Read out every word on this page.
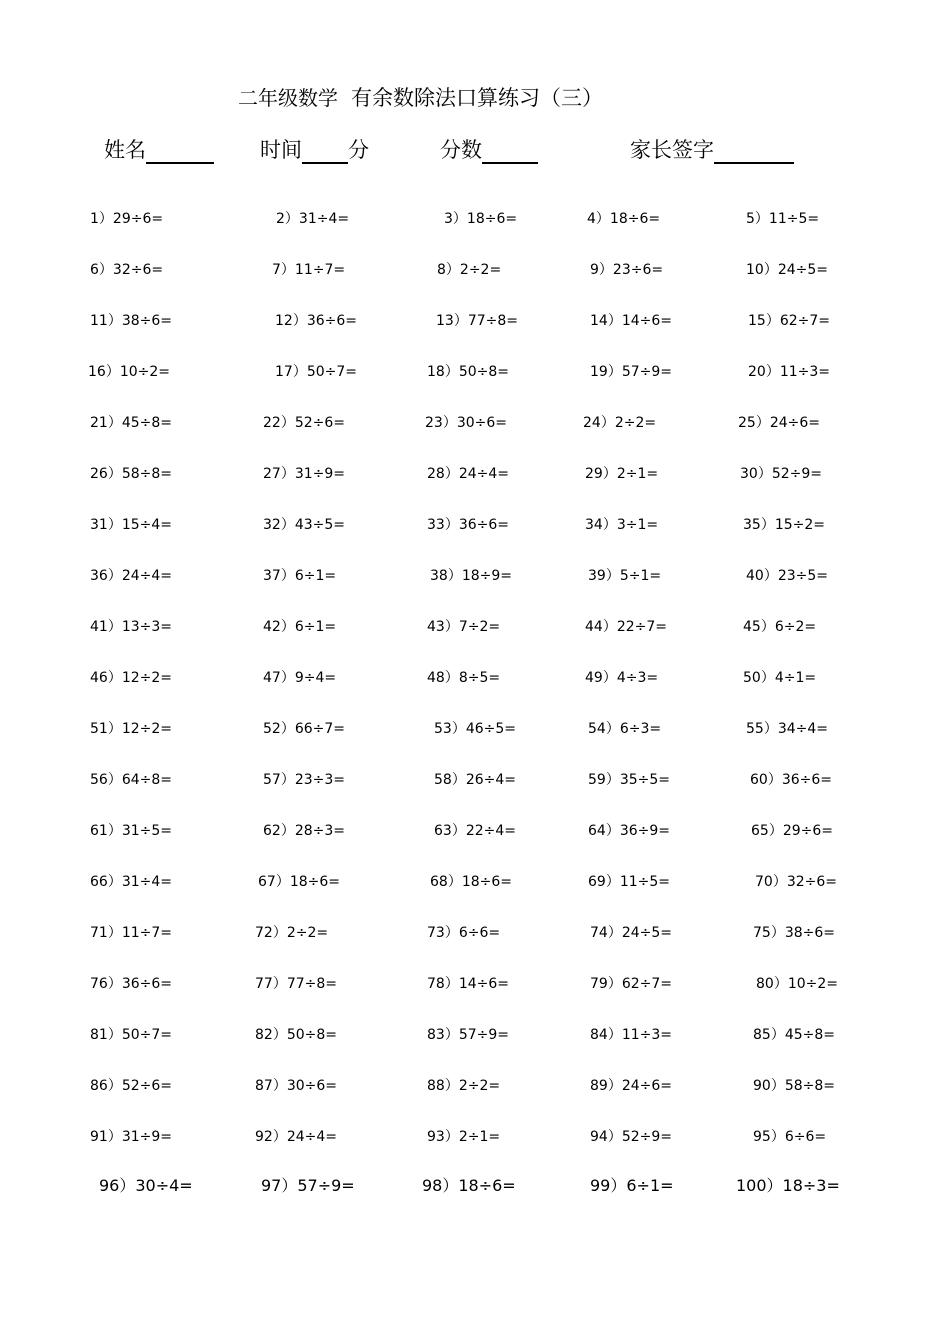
二年级数学 有余数除法口算练习（三）
姓名	时间 分	分数	家长签字
1）29÷6=	2）31÷4=	3）18÷6=	4）18÷6=	5）11÷5=
6）32÷6=	7）11÷7=	8）2÷2=	9）23÷6=	10）24÷5=
11）38÷6=	12）36÷6=	13）77÷8=	14）14÷6=	15）62÷7=
16）10÷2=	17）50÷7=	18）50÷8=	19）57÷9=	20）11÷3=
21）45÷8=	22）52÷6=	23）30÷6=	24）2÷2=	25）24÷6=
26）58÷8=	27）31÷9=	28）24÷4=	29）2÷1=	30）52÷9=
31）15÷4=	32）43÷5=	33）36÷6=	34）3÷1=	35）15÷2=
36）24÷4=	37）6÷1=	38）18÷9=	39）5÷1=	40）23÷5=
41）13÷3=	42）6÷1=	43）7÷2=	44）22÷7=	45）6÷2=
46）12÷2=	47）9÷4=	48）8÷5=	49）4÷3=	50）4÷1=
51）12÷2=	52）66÷7=	53）46÷5=	54）6÷3=	55）34÷4=
56）64÷8=	57）23÷3=	58）26÷4=	59）35÷5=	60）36÷6=
61）31÷5=	62）28÷3=	63）22÷4=	64）36÷9=	65）29÷6=
66）31÷4=	67）18÷6=	68）18÷6=	69）11÷5=	70）32÷6=
71）11÷7=	72）2÷2=	73）6÷6=	74）24÷5=	75）38÷6=
76）36÷6=	77）77÷8=	78）14÷6=	79）62÷7=	80）10÷2=
81）50÷7=	82）50÷8=	83）57÷9=	84）11÷3=	85）45÷8=
86）52÷6=	87）30÷6=	88）2÷2=	89）24÷6=	90）58÷8=
91）31÷9=	92）24÷4=	93）2÷1=	94）52÷9=	95）6÷6=
96）30÷4=	97）57÷9=	98）18÷6=	99）6÷1=	100）18÷3=
